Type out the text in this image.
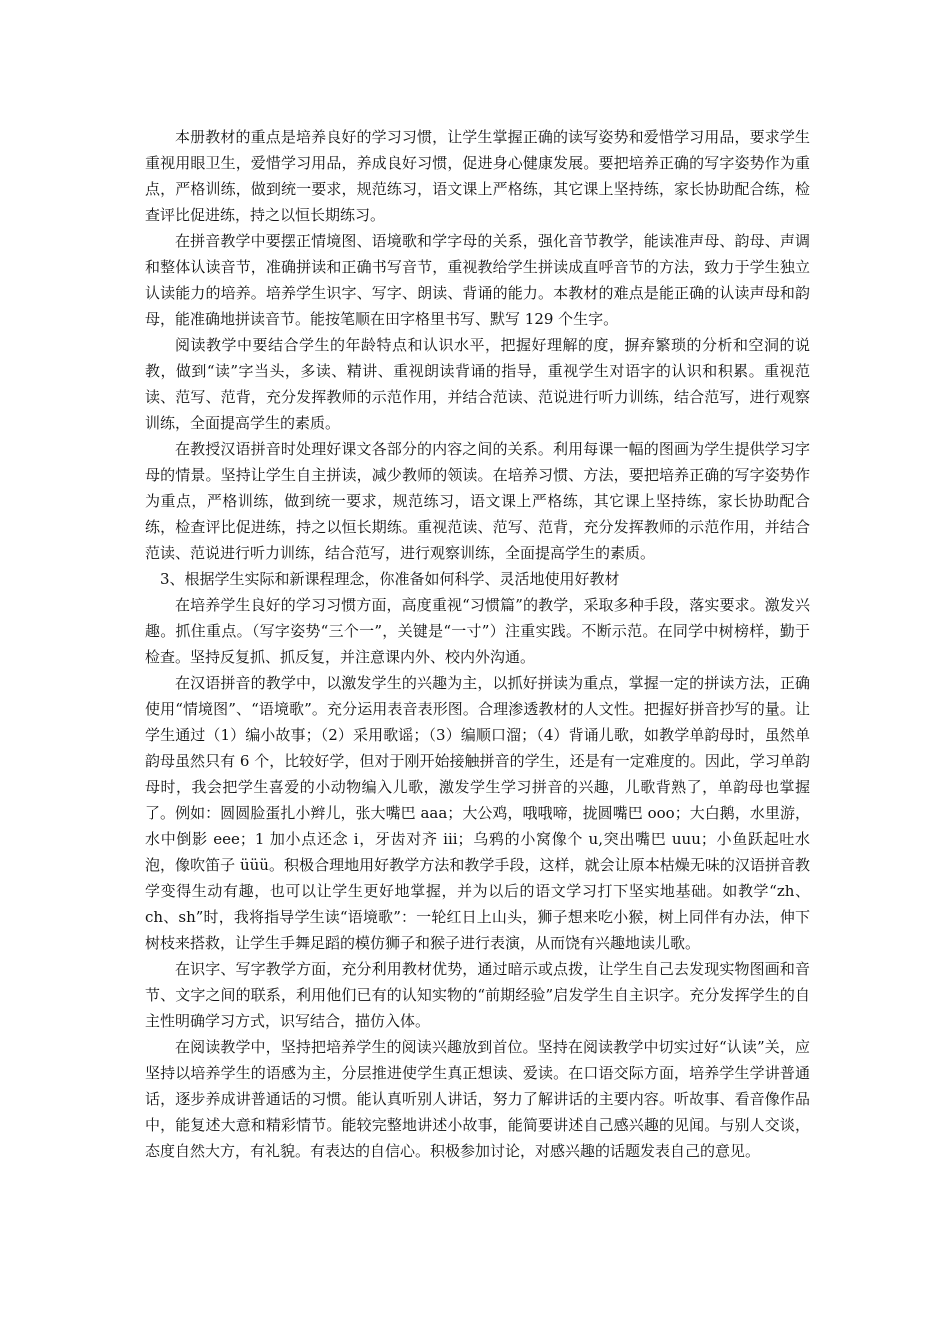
本册教材的重点是培养良好的学习习惯，让学生掌握正确的读写姿势和爱惜学习用品，要求学生重视用眼卫生，爱惜学习用品，养成良好习惯，促进身心健康发展。要把培养正确的写字姿势作为重点，严格训练，做到统一要求，规范练习，语文课上严格练，其它课上坚持练，家长协助配合练，检查评比促进练，持之以恒长期练习。

在拼音教学中要摆正情境图、语境歌和学字母的关系，强化音节教学，能读准声母、韵母、声调和整体认读音节，准确拼读和正确书写音节，重视教给学生拼读成直呼音节的方法，致力于学生独立认读能力的培养。培养学生识字、写字、朗读、背诵的能力。本教材的难点是能正确的认读声母和韵母，能准确地拼读音节。能按笔顺在田字格里书写、默写 129 个生字。

阅读教学中要结合学生的年龄特点和认识水平，把握好理解的度，摒弃繁琐的分析和空洞的说教，做到“读”字当头，多读、精讲、重视朗读背诵的指导，重视学生对语字的认识和积累。重视范读、范写、范背，充分发挥教师的示范作用，并结合范读、范说进行听力训练，结合范写，进行观察训练，全面提高学生的素质。

在教授汉语拼音时处理好课文各部分的内容之间的关系。利用每课一幅的图画为学生提供学习字母的情景。坚持让学生自主拼读，减少教师的领读。在培养习惯、方法，要把培养正确的写字姿势作为重点，严格训练，做到统一要求，规范练习，语文课上严格练，其它课上坚持练，家长协助配合练，检查评比促进练，持之以恒长期练。重视范读、范写、范背，充分发挥教师的示范作用，并结合范读、范说进行听力训练，结合范写，进行观察训练，全面提高学生的素质。

3、根据学生实际和新课程理念，你准备如何科学、灵活地使用好教材

在培养学生良好的学习习惯方面，高度重视“习惯篇”的教学，采取多种手段，落实要求。激发兴趣。抓住重点。（写字姿势“三个一”，关键是“一寸”）注重实践。不断示范。在同学中树榜样，勤于检查。坚持反复抓、抓反复，并注意课内外、校内外沟通。

在汉语拼音的教学中，以激发学生的兴趣为主，以抓好拼读为重点，掌握一定的拼读方法，正确使用“情境图”、“语境歌”。充分运用表音表形图。合理渗透教材的人文性。把握好拼音抄写的量。让学生通过（1）编小故事；（2）采用歌谣；（3）编顺口溜；（4）背诵儿歌，如教学单韵母时，虽然单韵母虽然只有 6 个，比较好学，但对于刚开始接触拼音的学生，还是有一定难度的。因此，学习单韵母时，我会把学生喜爱的小动物编入儿歌，激发学生学习拼音的兴趣，儿歌背熟了，单韵母也掌握了。例如：圆圆脸蛋扎小辫儿，张大嘴巴 aaa；大公鸡，哦哦啼，拢圆嘴巴 ooo；大白鹅，水里游，水中倒影 eee；1 加小点还念 i，牙齿对齐 iii；乌鸦的小窝像个 u,突出嘴巴 uuu；小鱼跃起吐水泡，像吹笛子 üüü。积极合理地用好教学方法和教学手段，这样，就会让原本枯燥无味的汉语拼音教学变得生动有趣，也可以让学生更好地掌握，并为以后的语文学习打下坚实地基础。如教学“zh、ch、sh”时，我将指导学生读“语境歌”：一轮红日上山头，狮子想来吃小猴，树上同伴有办法，伸下树枝来搭救，让学生手舞足蹈的模仿狮子和猴子进行表演，从而饶有兴趣地读儿歌。

在识字、写字教学方面，充分利用教材优势，通过暗示或点拨，让学生自己去发现实物图画和音节、文字之间的联系，利用他们已有的认知实物的“前期经验”启发学生自主识字。充分发挥学生的自主性明确学习方式，识写结合，描仿入体。

在阅读教学中，坚持把培养学生的阅读兴趣放到首位。坚持在阅读教学中切实过好“认读”关，应坚持以培养学生的语感为主，分层推进使学生真正想读、爱读。在口语交际方面，培养学生学讲普通话，逐步养成讲普通话的习惯。能认真听别人讲话，努力了解讲话的主要内容。听故事、看音像作品中，能复述大意和精彩情节。能较完整地讲述小故事，能简要讲述自己感兴趣的见闻。与别人交谈，态度自然大方，有礼貌。有表达的自信心。积极参加讨论，对感兴趣的话题发表自己的意见。
